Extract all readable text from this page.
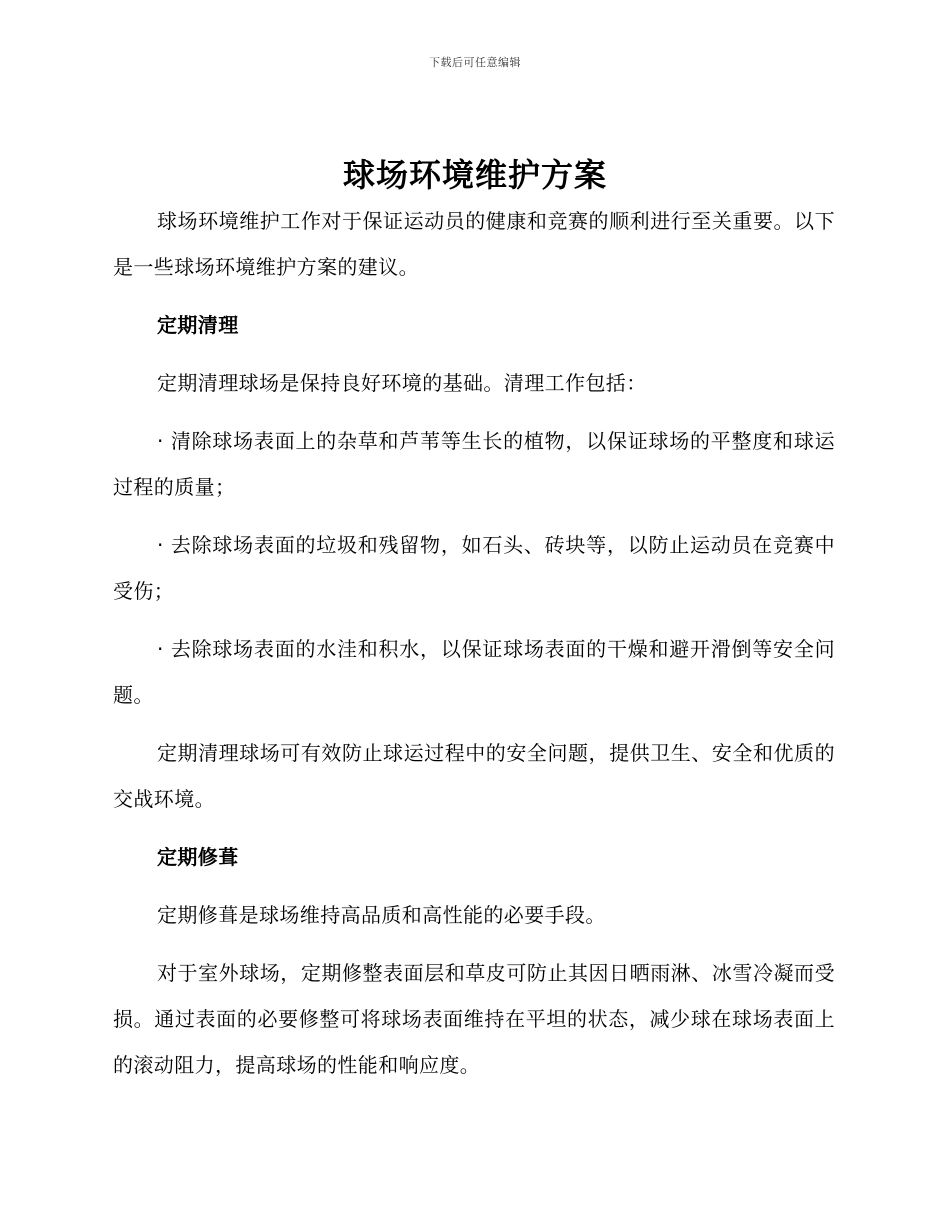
下载后可任意编辑
球场环境维护方案

球场环境维护工作对于保证运动员的健康和竞赛的顺利进行至关重要。以下是一些球场环境维护方案的建议。

定期清理

定期清理球场是保持良好环境的基础。清理工作包括：

· 清除球场表面上的杂草和芦苇等生长的植物，以保证球场的平整度和球运过程的质量；

· 去除球场表面的垃圾和残留物，如石头、砖块等，以防止运动员在竞赛中受伤；

· 去除球场表面的水洼和积水，以保证球场表面的干燥和避开滑倒等安全问题。

定期清理球场可有效防止球运过程中的安全问题，提供卫生、安全和优质的交战环境。

定期修葺

定期修葺是球场维持高品质和高性能的必要手段。

对于室外球场，定期修整表面层和草皮可防止其因日晒雨淋、冰雪冷凝而受损。通过表面的必要修整可将球场表面维持在平坦的状态，减少球在球场表面上的滚动阻力，提高球场的性能和响应度。
